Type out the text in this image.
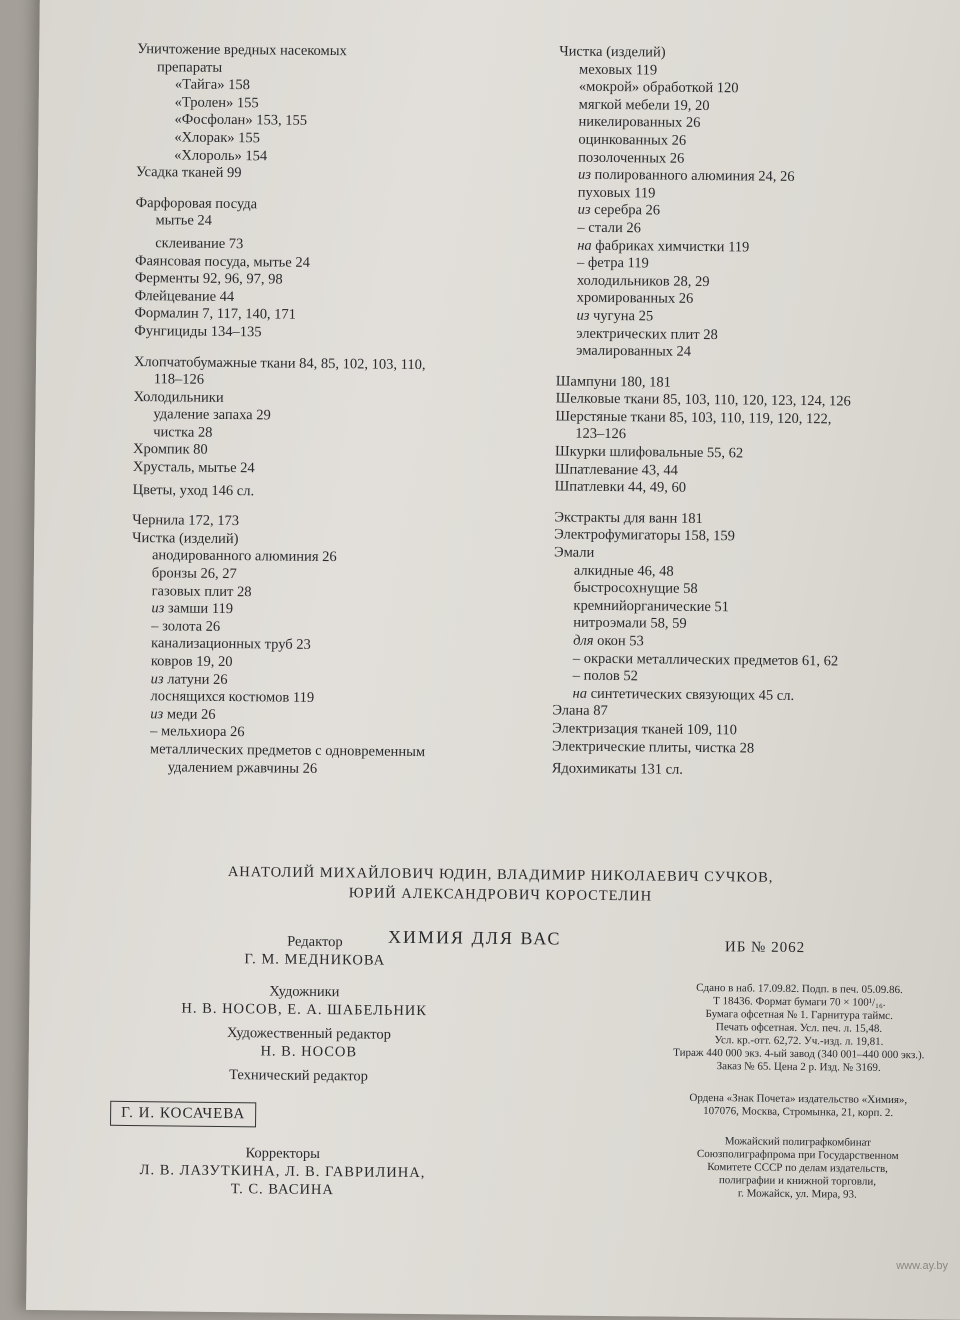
Уничтожение вредных насекомых
препараты
«Тайга» 158
«Тролен» 155
«Фосфолан» 153, 155
«Хлорак» 155
«Хлороль» 154
Усадка тканей 99
Фарфоровая посуда
мытье 24
склеивание 73
Фаянсовая посуда, мытье 24
Ферменты 92, 96, 97, 98
Флейцевание 44
Формалин 7, 117, 140, 171
Фунгициды 134–135
Хлопчатобумажные ткани 84, 85, 102, 103, 110,
118–126
Холодильники
удаление запаха 29
чистка 28
Хромпик 80
Хрусталь, мытье 24
Цветы, уход 146 сл.
Чернила 172, 173
Чистка (изделий)
анодированного алюминия 26
бронзы 26, 27
газовых плит 28
из замши 119
– золота 26
канализационных труб 23
ковров 19, 20
из латуни 26
лоснящихся костюмов 119
из меди 26
– мельхиора 26
металлических предметов с одновременным
удалением ржавчины 26
Чистка (изделий)
меховых 119
«мокрой» обработкой 120
мягкой мебели 19, 20
никелированных 26
оцинкованных 26
позолоченных 26
из полированного алюминия 24, 26
пуховых 119
из серебра 26
– стали 26
на фабриках химчистки 119
– фетра 119
холодильников 28, 29
хромированных 26
из чугуна 25
электрических плит 28
эмалированных 24
Шампуни 180, 181
Шелковые ткани 85, 103, 110, 120, 123, 124, 126
Шерстяные ткани 85, 103, 110, 119, 120, 122,
123–126
Шкурки шлифовальные 55, 62
Шпатлевание 43, 44
Шпатлевки 44, 49, 60
Экстракты для ванн 181
Электрофумигаторы 158, 159
Эмали
алкидные 46, 48
быстросохнущие 58
кремнийорганические 51
нитроэмали 58, 59
для окон 53
– окраски металлических предметов 61, 62
– полов 52
на синтетических связующих 45 сл.
Элана 87
Электризация тканей 109, 110
Электрические плиты, чистка 28
Ядохимикаты 131 сл.
АНАТОЛИЙ МИХАЙЛОВИЧ ЮДИН, ВЛАДИМИР НИКОЛАЕВИЧ СУЧКОВ,
ЮРИЙ АЛЕКСАНДРОВИЧ КОРОСТЕЛИН
ХИМИЯ ДЛЯ ВАС	ИБ № 2062
Редактор
Г. М. МЕДНИКОВА
Художники
Н. В. НОСОВ, Е. А. ШАБЕЛЬНИК
Художественный редактор
Н. В. НОСОВ
Технический редактор
Г. И. КОСАЧЕВА
Корректоры
Л. В. ЛАЗУТКИНА, Л. В. ГАВРИЛИНА,
Т. С. ВАСИНА
Сдано в наб. 17.09.82. Подп. в печ. 05.09.86.
Т 18436. Формат бумаги 70 × 100¹/₁₆.
Бумага офсетная № 1. Гарнитура таймс.
Печать офсетная. Усл. печ. л. 15,48.
Усл. кр.-отт. 62,72. Уч.-изд. л. 19,81.
Тираж 440 000 экз. 4-ый завод (340 001–440 000 экз.).
Заказ № 65. Цена 2 р. Изд. № 3169.
Ордена «Знак Почета» издательство «Химия»,
107076, Москва, Стромынка, 21, корп. 2.
Можайский полиграфкомбинат
Союзполиграфпрома при Государственном
Комитете СССР по делам издательств,
полиграфии и книжной торговли,
г. Можайск, ул. Мира, 93.
www.ay.by
